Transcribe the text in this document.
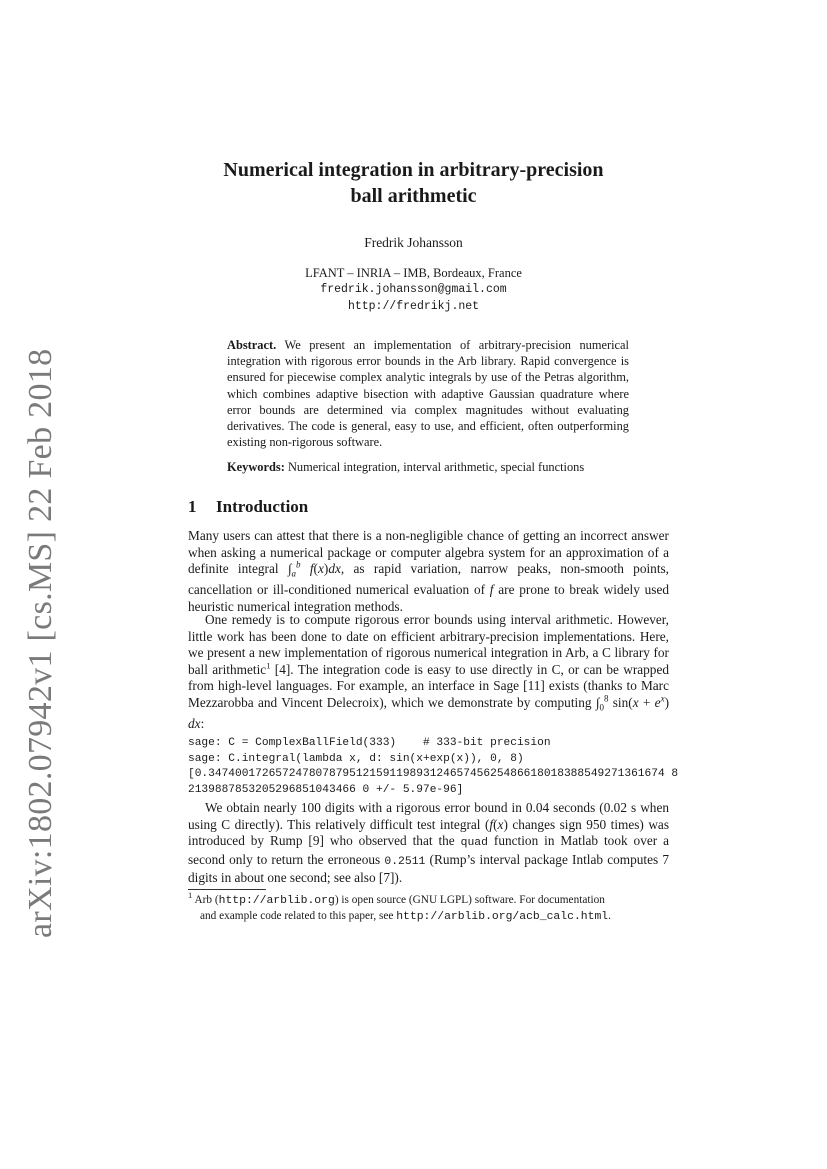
arXiv:1802.07942v1 [cs.MS] 22 Feb 2018
Numerical integration in arbitrary-precision
ball arithmetic
Fredrik Johansson
LFANT – INRIA – IMB, Bordeaux, France
fredrik.johansson@gmail.com
http://fredrikj.net
Abstract. We present an implementation of arbitrary-precision numerical integration with rigorous error bounds in the Arb library. Rapid convergence is ensured for piecewise complex analytic integrals by use of the Petras algorithm, which combines adaptive bisection with adaptive Gaussian quadrature where error bounds are determined via complex magnitudes without evaluating derivatives. The code is general, easy to use, and efficient, often outperforming existing non-rigorous software.
Keywords: Numerical integration, interval arithmetic, special functions
1 Introduction
Many users can attest that there is a non-negligible chance of getting an incorrect answer when asking a numerical package or computer algebra system for an approximation of a definite integral $\int_a^b$ f(x)dx, as rapid variation, narrow peaks, non-smooth points, cancellation or ill-conditioned numerical evaluation of f are prone to break widely used heuristic numerical integration methods.
One remedy is to compute rigorous error bounds using interval arithmetic. However, little work has been done to date on efficient arbitrary-precision implementations. Here, we present a new implementation of rigorous numerical integration in Arb, a C library for ball arithmetic$^1$ [4]. The integration code is easy to use directly in C, or can be wrapped from high-level languages. For example, an interface in Sage [11] exists (thanks to Marc Mezzarobba and Vincent Delecroix), which we demonstrate by computing $\int_0^8$ $\sin(x + e^x)$ dx:
sage: C = ComplexBallField(333)    # 333-bit precision
sage: C.integral(lambda x, d: sin(x+exp(x)), 0, 8)
[0.34740017265724780787951215911989312465745625486618018388549271361674 8
2139887853205296851043466 0 +/- 5.97e-96]
We obtain nearly 100 digits with a rigorous error bound in 0.04 seconds (0.02 s when using C directly). This relatively difficult test integral (f(x) changes sign 950 times) was introduced by Rump [9] who observed that the quad function in Matlab took over a second only to return the erroneous 0.2511 (Rump’s interval package Intlab computes 7 digits in about one second; see also [7]).
$^1$ Arb (http://arblib.org) is open source (GNU LGPL) software. For documentation
and example code related to this paper, see http://arblib.org/acb_calc.html.
